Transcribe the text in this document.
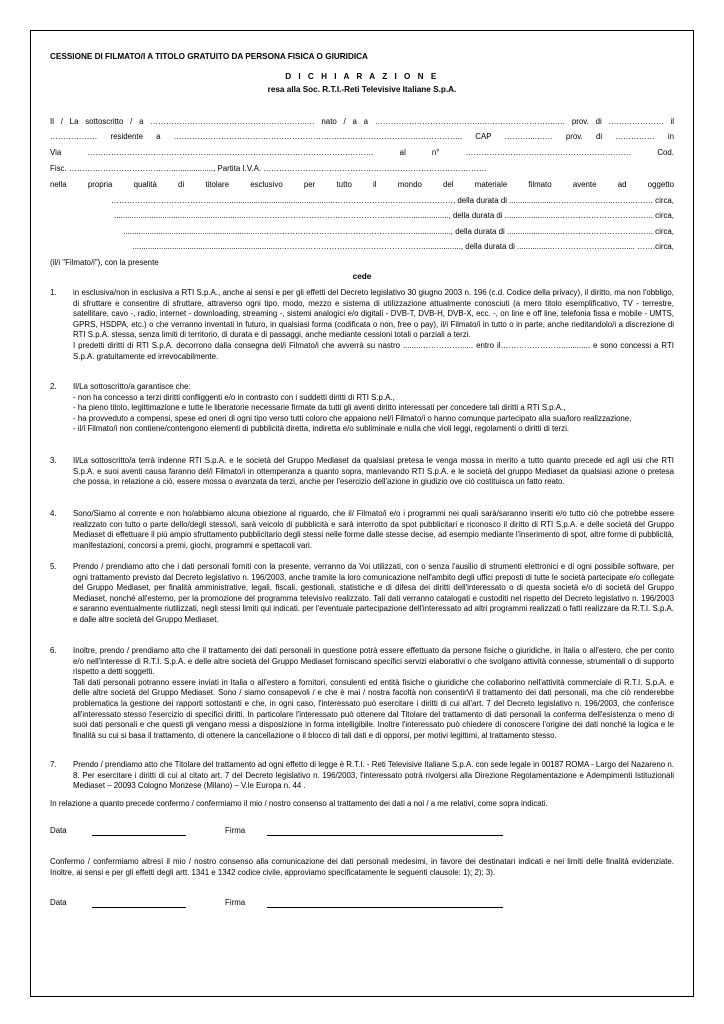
CESSIONE DI FILMATO/I A TITOLO GRATUITO DA PERSONA FISICA O GIURIDICA
D I C H I A R A Z I O N E
resa alla Soc. R.T.I.-Reti Televisive Italiane S.p.A.
Il / La sottoscritto / a …………………………………………….……..… nato / a a …………………………………..………………………..… prov. di ………………… il
……………… residente a ……………………………………………………………………………………………….. CAP ………....…… prov. di …………… in
Via ……………………………………………………………………………………….……… al n° ……………………………………………………… Cod.
Fisc. …………………………………..................., Partita I.V.A. ………………………………………………………………………….
nella propria qualità di titolare esclusivo per tutto il mondo del materiale filmato avente ad oggetto
………………………………………...............................................………………….……………………, della durata di ....................…………………...……..……. circa,
............................................................………………………………………………………................., della durata di .........................……………………….…….. circa,
................................................................…………………………………………………................., della durata di ........................……………………….…….. circa,
....................................................................………………………………………………................., della durata di ................……………………......... …….circa,
(il/i "Filmato/i"), con la presente
cede
1. in esclusiva/non in esclusiva a RTI S.p.A., anche ai sensi e per gli effetti del Decreto legislativo 30 giugno 2003 n. 196 (c.d. Codice della privacy), il diritto, ma non l'obbligo, di sfruttare e consentire di sfruttare, attraverso ogni tipo, modo, mezzo e sistema di utilizzazione attualmente conosciuti (a mero titolo esemplificativo, TV - terrestre, satellitare, cavo -, radio, internet - downloading, streaming -, sistemi analogici e/o digitali - DVB-T, DVB-H, DVB-X, ecc. -, on line e off line, telefonia fissa e mobile - UMTS, GPRS, HSDPA, etc.) o che verranno inventati in futuro, in qualsiasi forma (codificata o non, free o pay), il/i Filmato/i in tutto o in parte, anche rieditandolo/i a discrezione di RTI S.p.A. stessa, senza limiti di territorio, di durata e di passaggi, anche mediante cessioni totali o parziali a terzi.
I predetti diritti di RTI S.p.A. decorrono dalla consegna del/i Filmato/i che avverrà su nastro ........……………...... entro il……………………............ e sono concessi a RTI S.p.A. gratuitamente ed irrevocabilmente.
2. Il/La sottoscritto/a garantisce che:
- non ha concesso a terzi diritti confliggenti e/o in contrasto con i suddetti diritti di RTI S.p.A.,
- ha pieno titolo, legittimazione e tutte le liberatorie necessarie firmate da tutti gli aventi diritto interessati per concedere tali diritti a RTI S.p.A.,
- ha provveduto a compensi, spese ed oneri di ogni tipo verso tutti coloro che appaiono nel/i Filmato/i o hanno comunque partecipato alla sua/loro realizzazione,
- il/i Filmato/i non contiene/contengono elementi di pubblicità diretta, indiretta e/o subliminale e nulla che violi leggi, regolamenti o diritti di terzi.
3. Il/La sottoscritto/a terrà indenne RTI S.p.A. e le società del Gruppo Mediaset da qualsiasi pretesa le venga mossa in merito a tutto quanto precede ed agli usi che RTI S.p.A. e suoi aventi causa faranno del/i Filmato/i in ottemperanza a quanto sopra, manlevando RTI S.p.A. e le società del gruppo Mediaset da qualsiasi azione o pretesa che possa, in relazione a ciò, essere mossa o avanzata da terzi, anche per l'esercizio dell'azione in giudizio ove ciò costituisca un fatto reato.
4. Sono/Siamo al corrente e non ho/abbiamo alcuna obiezione al riguardo, che il/ Filmato/i e/o i programmi nei quali sarà/saranno inseriti e/o tutto ciò che potrebbe essere realizzato con tutto o parte dello/degli stesso/i, sarà veicolo di pubblicità e sarà interrotto da spot pubblicitari e riconosco il diritto di RTI S.p.A. e delle società del Gruppo Mediaset di effettuare il più ampio sfruttamento pubblicitario degli stessi nelle forme dalle stesse decise, ad esempio mediante l'inserimento di spot, altre forme di pubblicità, manifestazioni, concorsi a premi, giochi, programmi e spettacoli vari.
5. Prendo / prendiamo atto che i dati personali forniti con la presente, verranno da Voi utilizzati, con o senza l'ausilio di strumenti elettronici e di ogni possibile software, per ogni trattamento previsto dal Decreto legislativo n. 196/2003, anche tramite la loro comunicazione nell'ambito degli uffici preposti di tutte le società partecipate e/o collegate del Gruppo Mediaset, per finalità amministrative, legali, fiscali, gestionali, statistiche e di difesa dei diritti dell'interessato o di questa società e/o di società del Gruppo Mediaset, nonché all'esterno, per la promozione del programma televisivo realizzato. Tali dati verranno catalogati e custoditi nel rispetto del Decreto legislativo n. 196/2003 e saranno eventualmente riutilizzati, negli stessi limiti qui indicati. per l'eventuale partecipazione dell'interessato ad altri programmi realizzati o fatti realizzare da R.T.I. S.p.A. e dalle altre società del Gruppo Mediaset.
6. Inoltre, prendo / prendiamo atto che il trattamento dei dati personali in questione potrà essere effettuato da persone fisiche o giuridiche, in Italia o all'estero, che per conto e/o nell'interesse di R.T.I. S.p.A. e delle altre società del Gruppo Mediaset forniscano specifici servizi elaborativi o che svolgano attività connesse, strumentali o di supporto rispetto a detti soggetti.
Tali dati personali potranno essere inviati in Italia o all'estero a fornitori, consulenti ed entità fisiche o giuridiche che collaborino nell'attività commerciale di R.T.I. S.p.A. e delle altre società del Gruppo Mediaset. Sono / siamo consapevoli / e che è mai / nostra facoltà non consentirVi il trattamento dei dati personali, ma che ciò renderebbe problematica la gestione dei rapporti sottostanti e che, in ogni caso, l'interessato può esercitare i diritti di cui all'art. 7 del Decreto legislativo n. 196/2003, che conferisce all'interessato stesso l'esercizio di specifici diritti. In particolare l'interessato può ottenere dal Titolare del trattamento di dati personali la conferma dell'esistenza o meno di suoi dati personali e che questi gli vengano messi a disposizione in forma intelligibile. Inoltre l'interessato può chiedere di conoscere l'origine dei dati nonché la logica e le finalità su cui si basa il trattamento, di ottenere la cancellazione o il blocco di tali dati e di opporsi, per motivi legittimi, al trattamento stesso.
7. Prendo / prendiamo atto che Titolare del trattamento ad ogni effetto di legge è R.T.I. - Reti Televisive Italiane S.p.A. con sede legale in 00187 ROMA - Largo del Nazareno n. 8. Per esercitare i diritti di cui al citato art. 7 del Decreto legislativo n. 196/2003, l'interessato potrà rivolgersi alla Direzione Regolamentazione e Adempimenti Istituzionali Mediaset – 20093 Cologno Monzese (Milano) – V.le Europa n. 44 .
In relazione a quanto precede confermo / confermiamo il mio / nostro consenso al trattamento dei dati a noi / a me relativi, come sopra indicati.
Data	Firma
Confermo / confermiamo altresì il mio / nostro consenso alla comunicazione dei dati personali medesimi, in favore dei destinatari indicati e nei limiti delle finalità evidenziate. Inoltre, ai sensi e per gli effetti degli artt. 1341 e 1342 codice civile, approviamo specificatamente le seguenti clausole: 1); 2); 3).
Data	Firma
